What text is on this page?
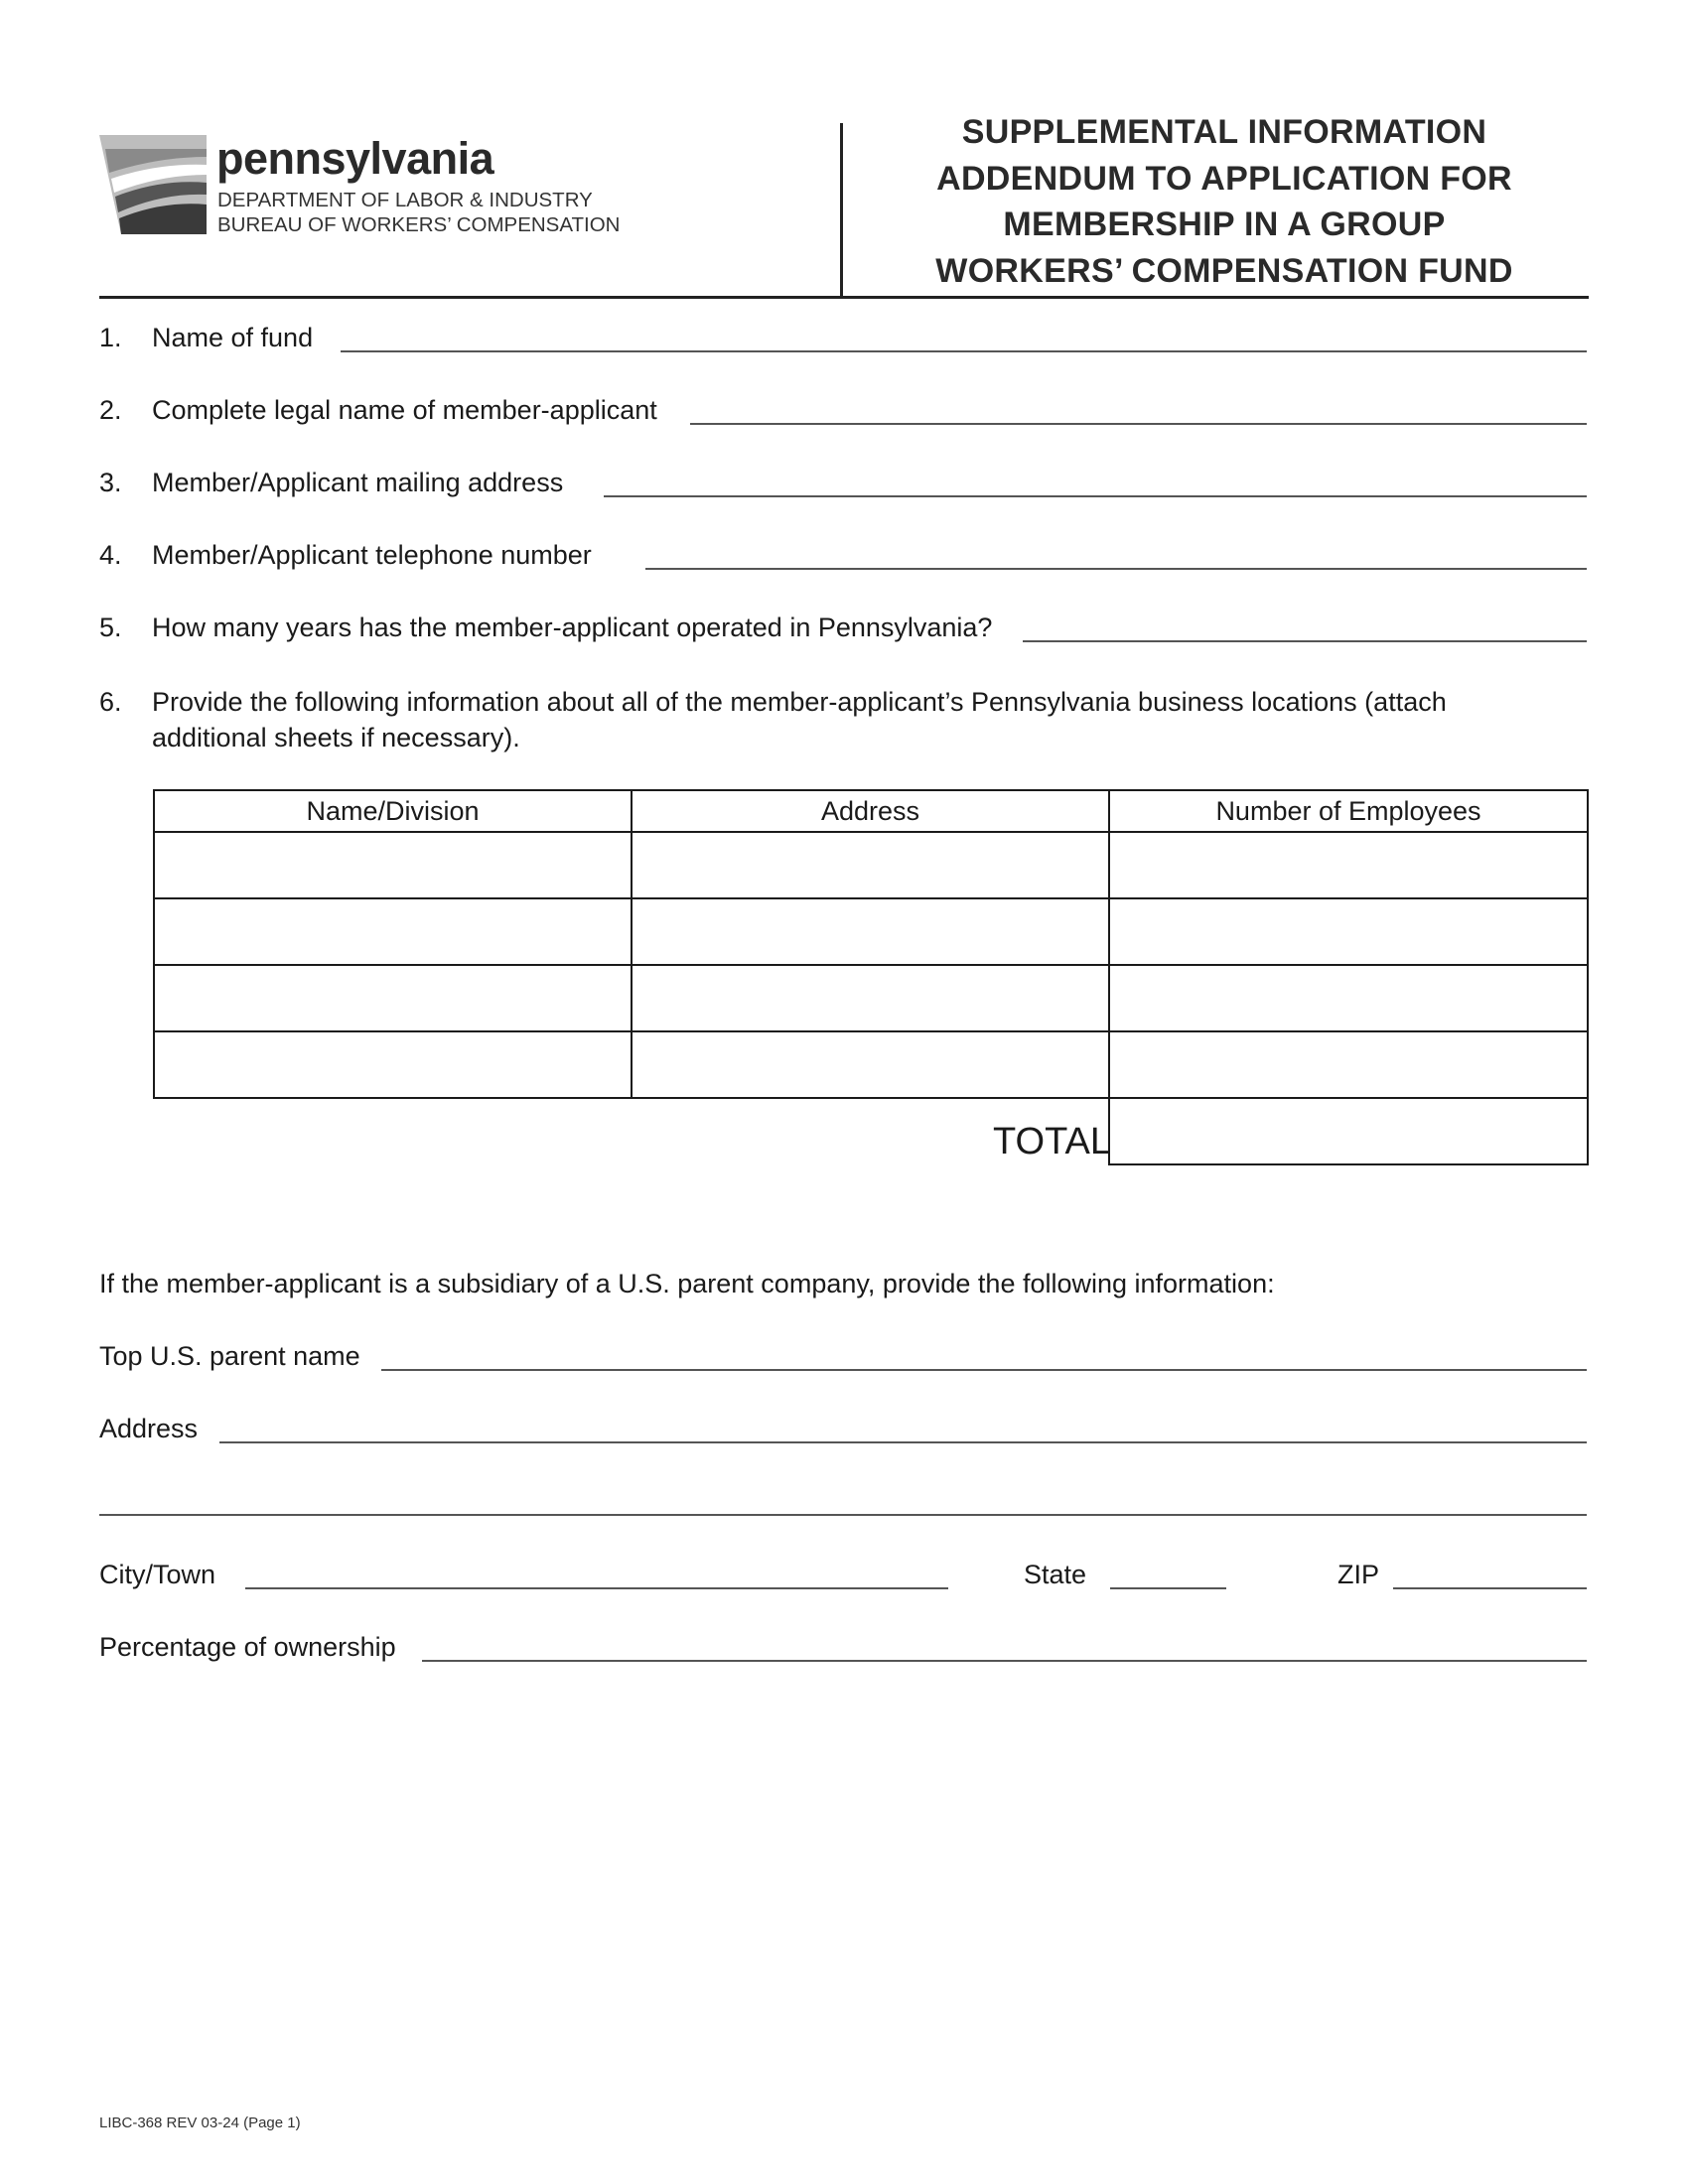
pennsylvania
DEPARTMENT OF LABOR & INDUSTRY
BUREAU OF WORKERS’ COMPENSATION
SUPPLEMENTAL INFORMATION
ADDENDUM TO APPLICATION FOR
MEMBERSHIP IN A GROUP
WORKERS’ COMPENSATION FUND
1. Name of fund
2. Complete legal name of member-applicant
3. Member/Applicant mailing address
4. Member/Applicant telephone number
5. How many years has the member-applicant operated in Pennsylvania?
6. Provide the following information about all of the member-applicant’s Pennsylvania business locations (attach
additional sheets if necessary).
Name/Division	Address	Number of Employees

TOTAL
If the member-applicant is a subsidiary of a U.S. parent company, provide the following information:
Top U.S. parent name
Address
City/Town	State	ZIP
Percentage of ownership
LIBC-368 REV 03-24 (Page 1)
